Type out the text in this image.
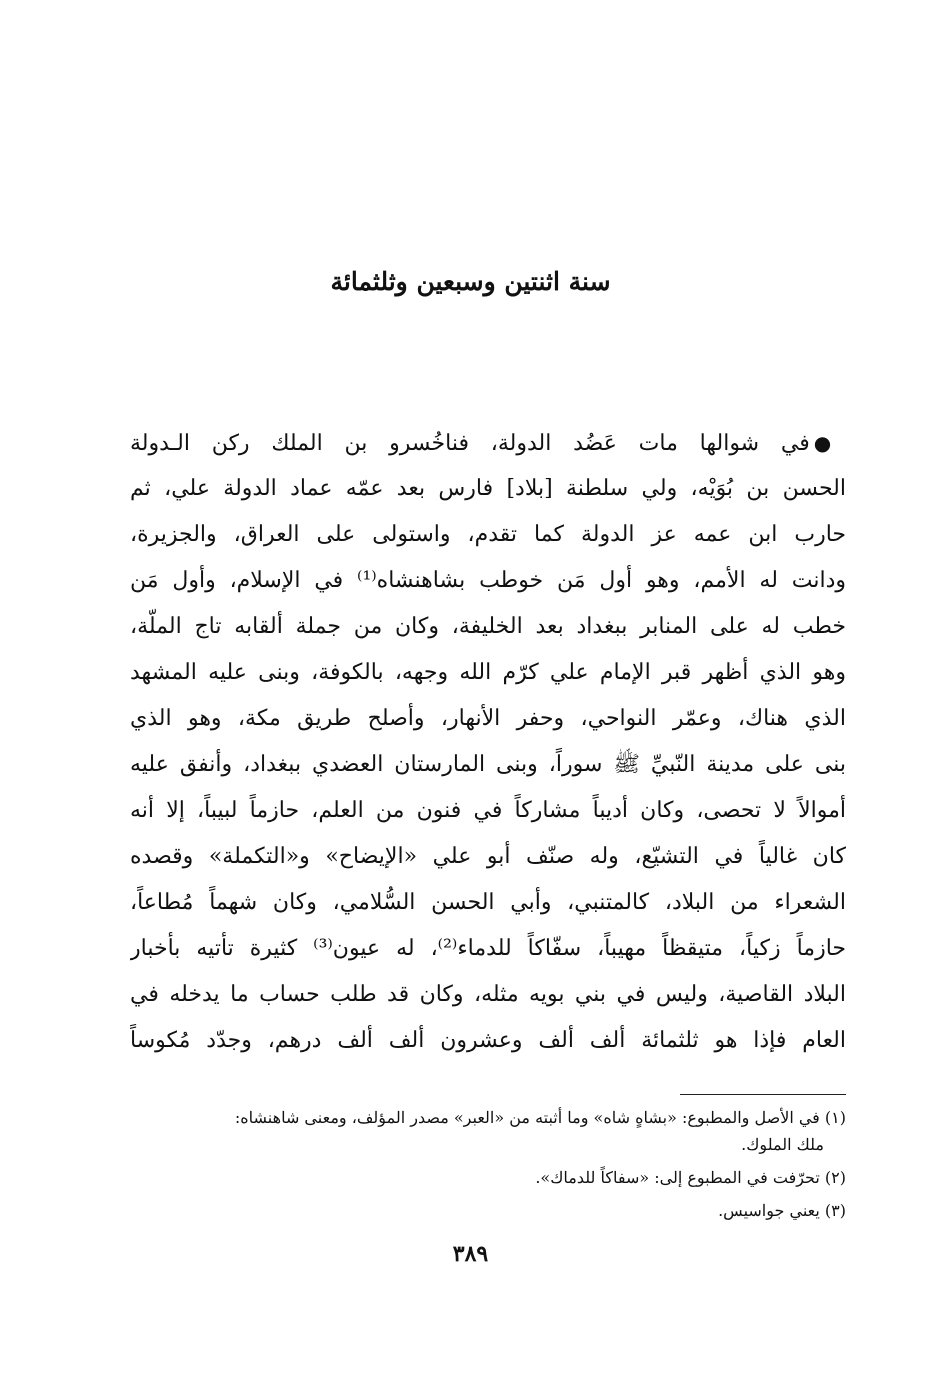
سنة اثنتين وسبعين وثلثمائة
●في شوالها مات عَضُد الدولة، فناخُسرو بن الملك ركن الـدولة
الحسن بن بُوَيْه، ولي سلطنة [بلاد] فارس بعد عمّه عماد الدولة علي، ثم
حارب ابن عمه عز الدولة كما تقدم، واستولى على العراق، والجزيرة،
ودانت له الأمم، وهو أول مَن خوطب بشاهنشاه⁽¹⁾ في الإسلام، وأول مَن
خطب له على المنابر ببغداد بعد الخليفة، وكان من جملة ألقابه تاج الملّة،
وهو الذي أظهر قبر الإمام علي كرّم الله وجهه، بالكوفة، وبنى عليه المشهد
الذي هناك، وعمّر النواحي، وحفر الأنهار، وأصلح طريق مكة، وهو الذي
بنى على مدينة النّبيِّ ﷺ سوراً، وبنى المارستان العضدي ببغداد، وأنفق عليه
أموالاً لا تحصى، وكان أديباً مشاركاً في فنون من العلم، حازماً لبيباً، إلا أنه
كان غالياً في التشيّع، وله صنّف أبو علي «الإيضاح» و«التكملة» وقصده
الشعراء من البلاد، كالمتنبي، وأبي الحسن السُّلامي، وكان شهماً مُطاعاً،
حازماً زكياً، متيقظاً مهيباً، سفّاكاً للدماء⁽²⁾، له عيون⁽³⁾ كثيرة تأتيه بأخبار
البلاد القاصية، وليس في بني بويه مثله، وكان قد طلب حساب ما يدخله في
العام فإذا هو ثلثمائة ألف ألف وعشرون ألف ألف درهم، وجدّد مُكوساً
(١) في الأصل والمطبوع: «بشاهٍ شاه» وما أثبته من «العبر» مصدر المؤلف، ومعنى شاهنشاه:
ملك الملوك.
(٢) تحرّفت في المطبوع إلى: «سفاكاً للدماك».
(٣) يعني جواسيس.
٣٨٩
